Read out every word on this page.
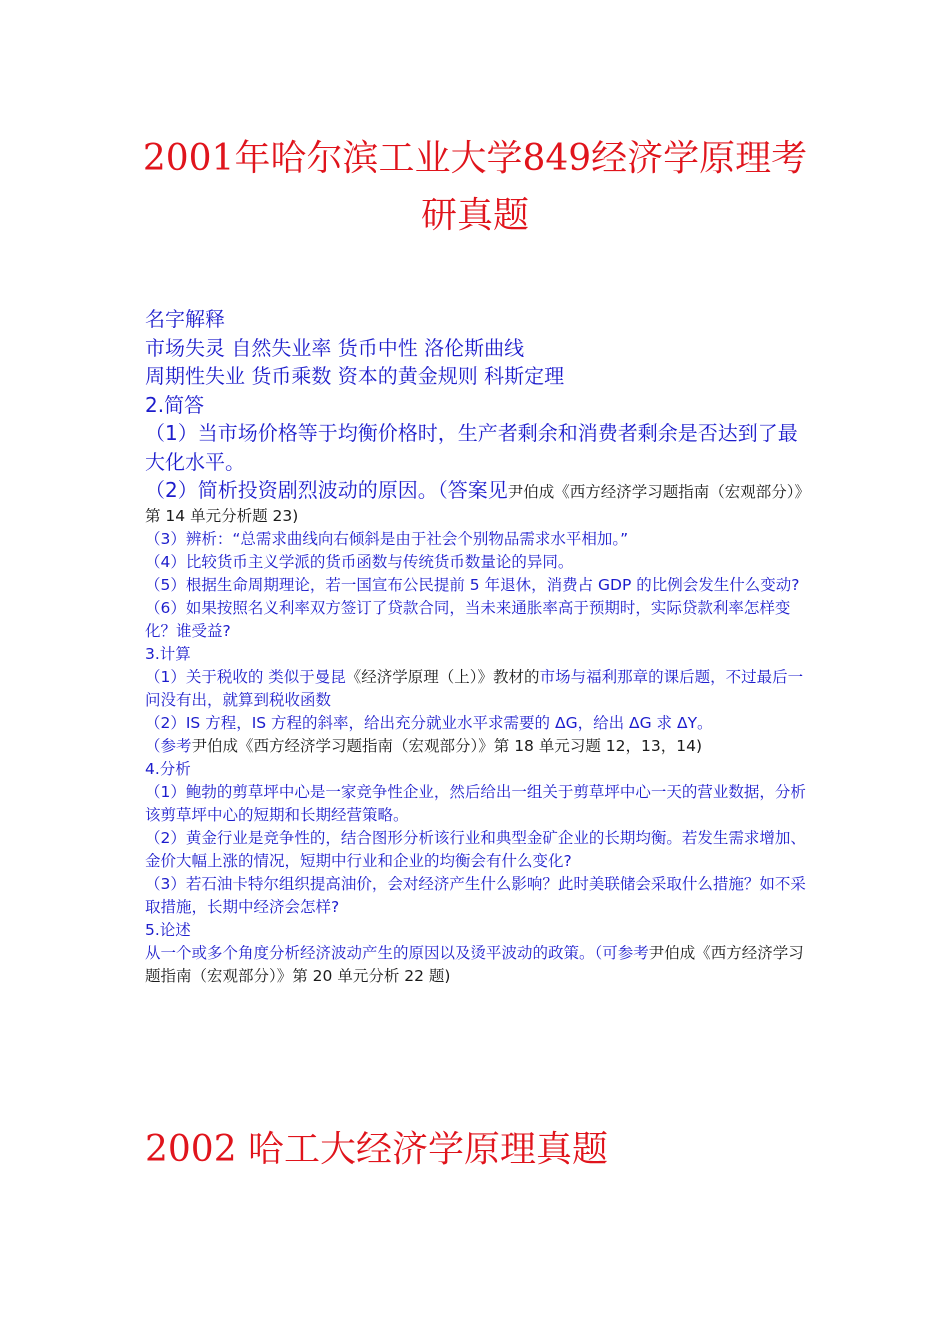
2001年哈尔滨工业大学849经济学原理考研真题
名字解释
市场失灵 自然失业率 货币中性 洛伦斯曲线
周期性失业 货币乘数 资本的黄金规则 科斯定理
2.简答
（1）当市场价格等于均衡价格时，生产者剩余和消费者剩余是否达到了最大化水平。
（2）简析投资剧烈波动的原因。（答案见尹伯成《西方经济学习题指南（宏观部分）》第 14 单元分析题 23)
（3）辨析：“总需求曲线向右倾斜是由于社会个别物品需求水平相加。”
（4）比较货币主义学派的货币函数与传统货币数量论的异同。
（5）根据生命周期理论，若一国宣布公民提前 5 年退休，消费占 GDP 的比例会发生什么变动?
（6）如果按照名义利率双方签订了贷款合同，当未来通胀率高于预期时，实际贷款利率怎样变化？谁受益?
3.计算
（1）关于税收的 类似于曼昆《经济学原理（上）》教材的市场与福利那章的课后题，不过最后一问没有出，就算到税收函数
（2）IS 方程，IS 方程的斜率，给出充分就业水平求需要的 ΔG，给出 ΔG 求 ΔY。
（参考尹伯成《西方经济学习题指南（宏观部分）》第 18 单元习题 12，13，14)
4.分析
（1）鲍勃的剪草坪中心是一家竞争性企业，然后给出一组关于剪草坪中心一天的营业数据，分析该剪草坪中心的短期和长期经营策略。
（2）黄金行业是竞争性的，结合图形分析该行业和典型金矿企业的长期均衡。若发生需求增加、金价大幅上涨的情况，短期中行业和企业的均衡会有什么变化?
（3）若石油卡特尔组织提高油价，会对经济产生什么影响？此时美联储会采取什么措施？如不采取措施，长期中经济会怎样?
5.论述
从一个或多个角度分析经济波动产生的原因以及烫平波动的政策。（可参考尹伯成《西方经济学习题指南（宏观部分）》第 20 单元分析 22 题)
2002 哈工大经济学原理真题
